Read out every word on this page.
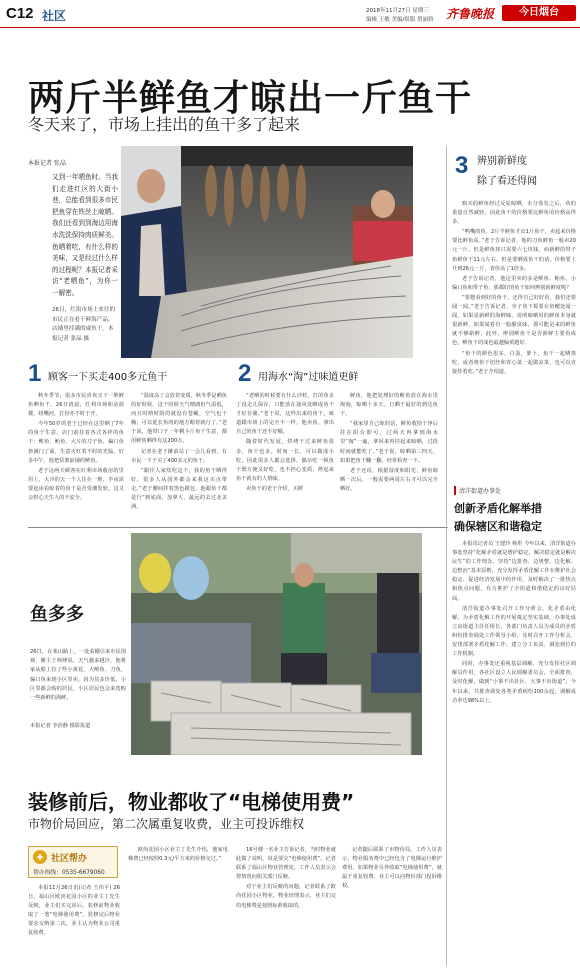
C12 社区	2018年11月27日 星期三
编辑 王敏 美编/组版 贺丽娇 齐鲁晚报	今日烟台
两斤半鲜鱼才晾出一斤鱼干
冬天来了，市场上挂出的鱼干多了起来
本报记者 张晶
又到一年晒鱼时。当我们走进红区的大街小巷，总能看到很多市民把鱼穿在铁丝上晾晒。我们还看到到海边用海水洗洗保持肉质鲜美。鱼晒着吃，有什么样的美味，又是经过什么样的过程呢？本报记者采访“老晒鱼”，为你一一解密。
26日，红街市场上来往的市民正在看干鲜海产品，店铺里挂满的咸鱼干。本报记者 张晶 摄
3 辨别新鲜度
除了看还得闻

购买的鲜鱼经过反复晾晒，水分蒸发之后，鱼的重量自然减轻，因此鱼干的价格要比鲜鱼的价格高得多。

“鸭嘴的鱼，2斤半鲜鱼才出1斤鱼干，卖起来价格要比鲜鱼高。”老于告诉记者，他的刀鱼鲜鱼一般卖20元一斤，但是鲜鱼却只需要六七块钱，而新鲜的带子鱼鲜鱼干11元左右，但是要晒成鱼干的话，价格要上升到26元一斤，青价高了1倍多。

老于告诉记者，他这里卖的多是鲅鱼、鲐鱼、小偏口鱼和带子鱼，那都好的鱼干如何辨别新鲜度呢？

“要想看到好的鱼干，还得自己好好看，我们还要闻一闻。”老于告诉记者，旁子鱼下霉要在鱼鳃处闻一闻，如果是新鲜的海鲜味，说明晾晒用的鲜鱼本身就很新鲜，如果闻着有一股腥臭味，那可能是来的鲜鱼就不够新鲜，此外，辨别鲅鱼干是否新鲜主要看成色，鲅鱼干的成色最越偏黄越好。

“鱼干的颜色很多，白蛋，萝卜，鱼干一起晒蒸吃，或者将鱼干切丝和青心菜一起做凉菜，也可以直接炸着吃。”老于介绍道。

1 顾客一下买走400多元鱼干	2 用海水“淘”过味道更鲜

秋冬季节，很多市民喜欢买下一堆鲜鱼晒鱼干。26日清晨，红利市场和房源楼，纽嘴河，打扮亦不时于开。

今年50岁的老于已经在这里晒了7年的鱼干生意，店门前挂着各式各样的鱼干：鲅鱼、鲐鱼、大片的刀子鱼，偏口鱼挤满门了面，生意火红着不时的光临。好多中午，他把货架前铺的鲅鱼。

老于这两天顾客在红利市场收房的里用上，大冷的天一个人住在一堆，半夜需要起床看晾着的鱼干是否受潮发软，这又会担心天生人的不安全。

“温度高了会放着变质，秋冬季是晒鱼的好时候，这个时候天气晴朗但气温低，而且时晴时阴的就没有苍蝇，空气也干燥，可以延长鱼肉的地方嗯着就行了。”老于说，他带口子一年剩斗斤鱼干生意，都用鲜鱼晒得有这200万。

记者在老于摊前站了一会儿看到，有市民一下子买了400多元的鱼干。

“跟往人家炊吃这个，我的鱼干晒得好，很多人从国外都会来我这买点带走。”老于腰间挂着黑色跟包，他跟鱼干都是行“到底面，加拿大，最远的去过北美洲。

“老晒的时候要有什么沙粒，打的鱼多了没走儿保存，只能放在通风处晒成鱼干才好存储。”老于说，这样出来的鱼干，味道跟市场上的完全不一样，他卖鱼，拿出自己的鱼干还不好哪。

随着时代发展，烘烤干过来鲜鱼很多，鱼干也多，时间一长，可以做成小吃，因此很多人都会选择，偶尔吃一顿鱼干既方便又好吃，也不担心变质，烤起来鱼干就有的人情味。

卖鱼干的老于介绍，买鲜

鲜鱼，他把处理好的鲅鱼放在海水里淘淘，晾晒十多天，日晒干最好的到达鱼干。

“我家里自己晾的话，鲜鱼收拾干净后挂在阳台即可，过两天再拿到海水里“淘”一遍，拿回来再挂起来晾晒，过段时间就能吃了。”老于说，晾晒第三四天，如果把鱼干翻一翻，经常检查一下。

老于还说，根据湿度和阳光，鲜鱼晾晒一次后，一般需要两周左右才可以完全晒好。

鱼多多
26日，在莱山路上，一处菜棚引来市民围观，摊主王师傅说，天气越来越冷，他将家从船上拉了些小黄花、大鲅鱼、刀鱼，偏口鱼来到小区里卖，因为货多价低，小区里都会购的居民，小区居民也会来选购一些新鲜的海鲜。
本报记者 李治静 摄影报道
清洋街道办事处
创新矛盾化解举措
确保辖区和谐稳定

本报讯记者员 王建玲 杨彤 今年以来，清洋街道办事处坚持“化解矛盾就是增护稳定，解决稳定就是解决民生”的工作理念，坚持“边排查、边规整、边化解、边整治”基本原则，充分发挥矛盾化解工作在维护社会稳定、促进经济发展中的作用，及时解决了一批热点和焦点问题，有力推护了全街道和谐稳定的良好局面。

清洋街道办事处召开工作分析会，化矛盾由化解，为矛盾化解工作的开展奠定坚实基础，办事处成立由街道主任任组长，各部门负责人员为成员的矛盾纠纷排查调处工作领导小组，及时召开工作分析会，安排部署矛盾化解工作，建立分工负责、调处到位的工作机制。

同时，办事处还重视基层调解，充分发挥社区调解员作用，各社区设立人民调解委员会，全面排查，及时化解，做到“小事不出社区、大事不出街道”。今年以来，共排查调处各类矛盾纠纷100余起，调解成功率达98%以上。

装修前后，物业都收了“电梯使用费”
市物价局回应，第二次属重复收费，业主可投诉维权
✚ 社区帮办
帮办热线：0535-6679060

本报11月26日讯(记者 王伟平) 26日，福山区欧尚花园小区的业主丁先生反映，业主们买完房后，装修前物业收取了一笔“电梯使用费”，装修完后物业要求交纳第二次，业主认为物业公司重复收费。

欧尚花园小区业主丁先生介绍，他家电梯费已经按照0.3元/平方米的价格交过。”

16号楼一名业主告诉记者，当时物业就此做了说明，说是要交“电梯使用费”。记者联系了福山区物业管理处，工作人员表示会将情况向相关部门反映。

对于业主们反映的问题，记者联系了欧尚花园小区物业，物业经理表示，业主们交的电梯费是按照标准收取的。

记者随后联系了市物价局，工作人员表示，物业服务费中已经包含了电梯运行维护费用，如果物业另外收取“电梯使用费”，就属于重复收费，业主可以向物价部门投诉维权。
